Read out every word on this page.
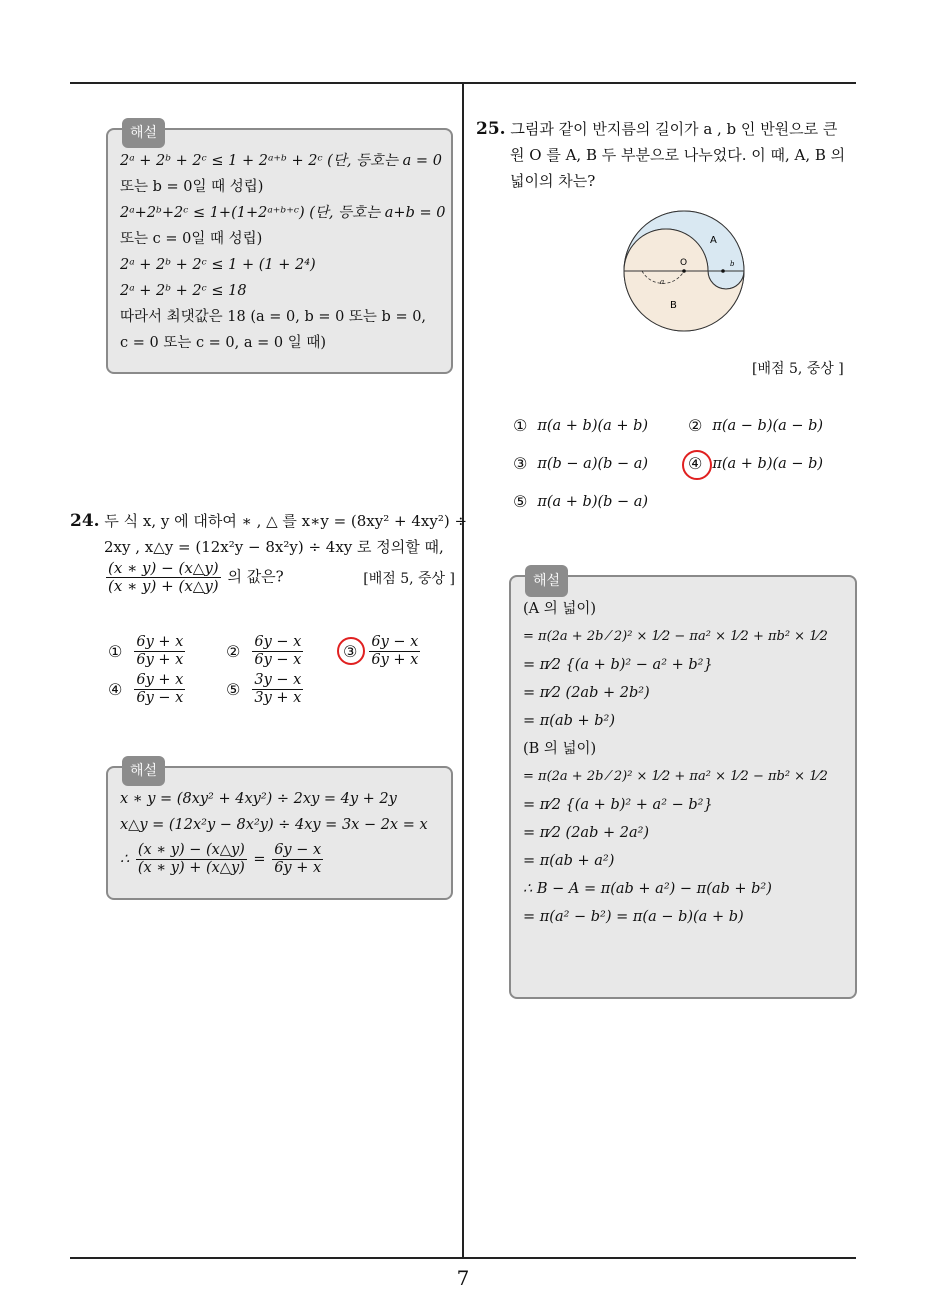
7
해설
2ᵃ + 2ᵇ + 2ᶜ ≤ 1 + 2ᵃ⁺ᵇ + 2ᶜ (단, 등호는 a = 0
또는 b = 0일 때 성립)
2ᵃ+2ᵇ+2ᶜ ≤ 1+(1+2ᵃ⁺ᵇ⁺ᶜ) (단, 등호는 a+b = 0
또는 c = 0일 때 성립)
2ᵃ + 2ᵇ + 2ᶜ ≤ 1 + (1 + 2⁴)
2ᵃ + 2ᵇ + 2ᶜ ≤ 18
따라서 최댓값은 18 (a = 0, b = 0 또는 b = 0,
c = 0 또는 c = 0, a = 0 일 때)
24. 두 식 x, y 에 대하여 ∗ , △ 를 x∗y = (8xy² + 4xy²) ÷
2xy , x△y = (12x²y − 8x²y) ÷ 4xy 로 정의할 때,
$\frac{(x ∗ y) - (x\triangle y)}{(x ∗ y) + (x\triangle y)}$ 의 값은?	[배점 5, 중상 ]
① $\frac{6y + x}{6y + x}$	② $\frac{6y - x}{6y - x}$ ③ $\frac{6y - x}{6y + x}$
④ $\frac{6y + x}{6y - x}$	⑤ $\frac{3y - x}{3y + x}$
해설
x ∗ y = (8xy² + 4xy²) ÷ 2xy = 4y + 2y
x△y = (12x²y − 8x²y) ÷ 4xy = 3x − 2x = x
∴ $\frac{(x ∗ y) - (x\triangle y)}{(x ∗ y) + (x\triangle y)} = \frac{6y - x}{6y + x}$
25. 그림과 같이 반지름의 길이가 a , b 인 반원으로 큰
원 O 를 A, B 두 부분으로 나누었다. 이 때, A, B 의
넓이의 차는?
A
B
O
a
b
[배점 5, 중상 ]
① π(a + b)(a + b) ② π(a − b)(a − b)
③ π(b − a)(b − a) ④ π(a + b)(a − b)
⑤ π(a + b)(b − a)
해설
(A 의 넓이)
= π(2a + 2b ⁄ 2)² × 1⁄2 − πa² × 1⁄2 + πb² × 1⁄2
= π⁄2 {(a + b)² − a² + b²}
= π⁄2 (2ab + 2b²)
= π(ab + b²)
(B 의 넓이)
= π(2a + 2b ⁄ 2)² × 1⁄2 + πa² × 1⁄2 − πb² × 1⁄2
= π⁄2 {(a + b)² + a² − b²}
= π⁄2 (2ab + 2a²)
= π(ab + a²)
∴ B − A = π(ab + a²) − π(ab + b²)
= π(a² − b²) = π(a − b)(a + b)
